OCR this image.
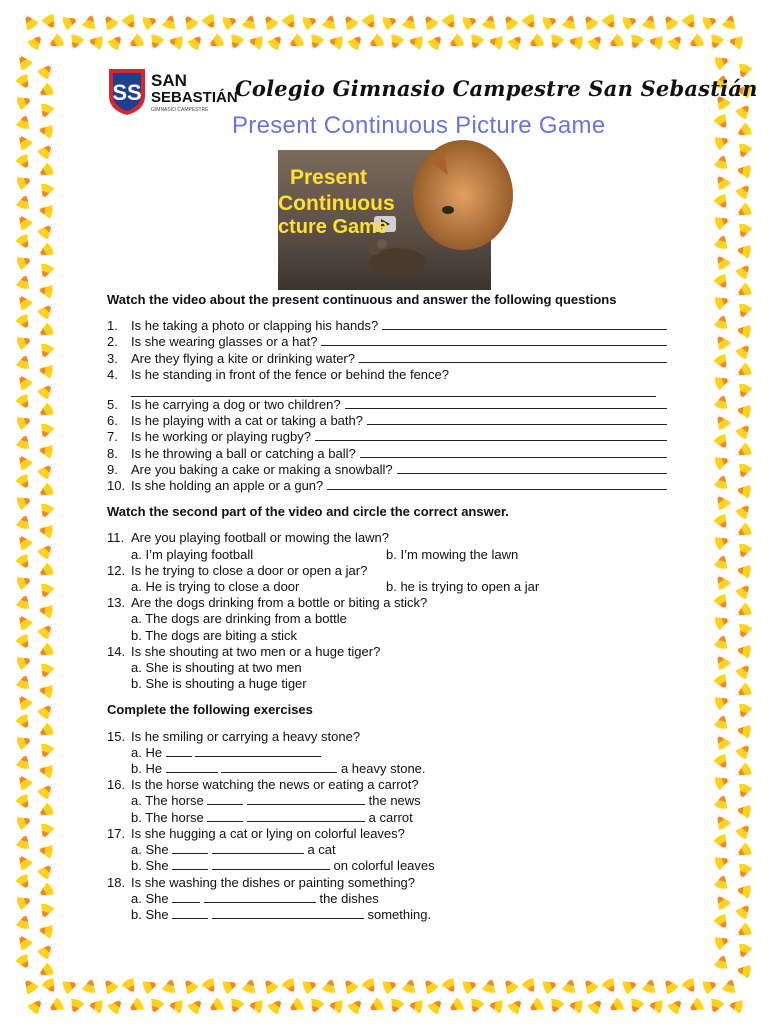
SS SAN
SEBASTIÁN
GIMNASIO CAMPESTRE
Colegio Gimnasio Campestre San Sebastián
Present Continuous Picture Game
Present
Continuous
cture Game

Watch the video about the present continuous and answer the following questions

1.	Is he taking a photo or clapping his hands?
2.	Is she wearing glasses or a hat?
3.	Are they flying a kite or drinking water?
4.	Is he standing in front of the fence or behind the fence?
5.	Is he carrying a dog or two children?
6.	Is he playing with a cat or taking a bath?
7.	Is he working or playing rugby?
8.	Is he throwing a ball or catching a ball?
9.	Are you baking a cake or making a snowball?
10. Is she holding an apple or a gun?

Watch the second part of the video and circle the correct answer.

11. Are you playing football or mowing the lawn?
a. I’m playing football	b. I’m mowing the lawn
12. Is he trying to close a door or open a jar?
a. He is trying to close a door	b. he is trying to open a jar
13. Are the dogs drinking from a bottle or biting a stick?
a. The dogs are drinking from a bottle
b. The dogs are biting a stick
14. Is she shouting at two men or a huge tiger?
a. She is shouting at two men
b. She is shouting a huge tiger

Complete the following exercises

15. Is he smiling or carrying a heavy stone?
a. He
b. He	a heavy stone.
16. Is the horse watching the news or eating a carrot?
a. The horse	the news
b. The horse	a carrot
17. Is she hugging a cat or lying on colorful leaves?
a. She	a cat
b. She	on colorful leaves
18. Is she washing the dishes or painting something?
a. She	the dishes
b. She	something.
